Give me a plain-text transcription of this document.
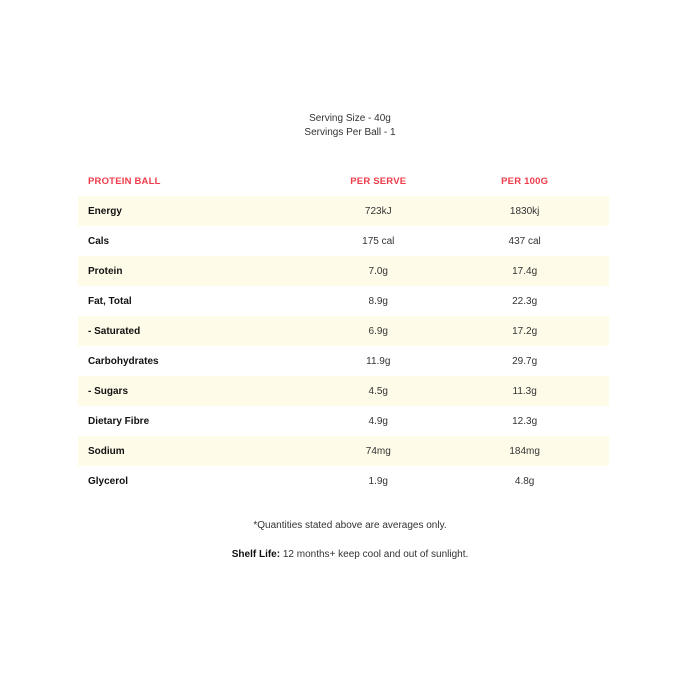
Serving Size - 40g
Servings Per Ball - 1
PROTEIN BALL	PER SERVE	PER 100G
Energy	723kJ	1830kj
Cals	175 cal	437 cal
Protein	7.0g	17.4g
Fat, Total	8.9g	22.3g
- Saturated	6.9g	17.2g
Carbohydrates	11.9g	29.7g
- Sugars	4.5g	11.3g
Dietary Fibre	4.9g	12.3g
Sodium	74mg	184mg
Glycerol	1.9g	4.8g
*Quantities stated above are averages only.
Shelf Life: 12 months+ keep cool and out of sunlight.
